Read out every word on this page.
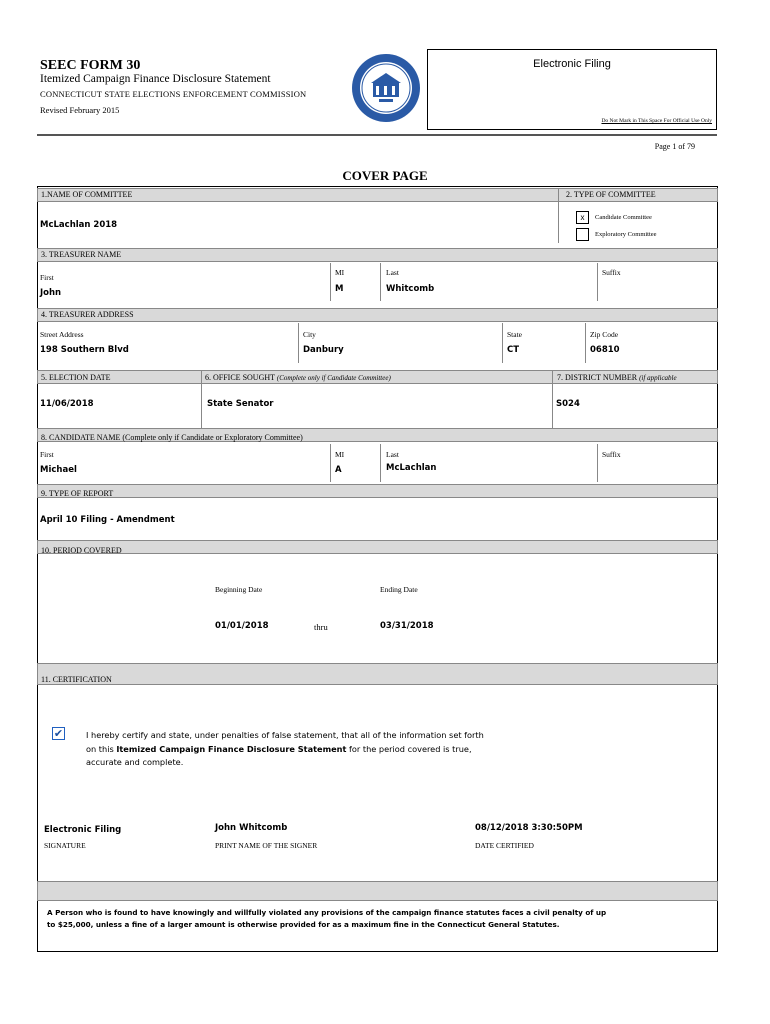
SEEC FORM 30
Itemized Campaign Finance Disclosure Statement
CONNECTICUT STATE ELECTIONS ENFORCEMENT COMMISSION
Revised February 2015
Electronic Filing
Do Not Mark in This Space For Official Use Only
Page 1 of 79
COVER PAGE
1.NAME OF COMMITTEE	2. TYPE OF COMMITTEE
McLachlan 2018
x	Candidate Committee
Exploratory Committee
3. TREASURER NAME
First
John
MI
M
Last
Whitcomb
Suffix
4. TREASURER ADDRESS
Street Address
198 Southern Blvd
City
Danbury
State
CT
Zip Code
06810
5. ELECTION DATE	6. OFFICE SOUGHT (Complete only if Candidate Committee)	7. DISTRICT NUMBER (if applicable
11/06/2018	State Senator	S024
8. CANDIDATE NAME (Complete only if Candidate or Exploratory Committee)
First
Michael
MI
A
Last
McLachlan
Suffix
9. TYPE OF REPORT
April 10 Filing - Amendment
10. PERIOD COVERED
Beginning Date	Ending Date
01/01/2018	thru	03/31/2018
11. CERTIFICATION
✔	I hereby certify and state, under penalties of false statement, that all of the information set forth
on this Itemized Campaign Finance Disclosure Statement for the period covered is true,
accurate and complete.
Electronic Filing	John Whitcomb	08/12/2018 3:30:50PM
SIGNATURE	PRINT NAME OF THE SIGNER	DATE CERTIFIED
A Person who is found to have knowingly and willfully violated any provisions of the campaign finance statutes faces a civil penalty of up
to $25,000, unless a fine of a larger amount is otherwise provided for as a maximum fine in the Connecticut General Statutes.
